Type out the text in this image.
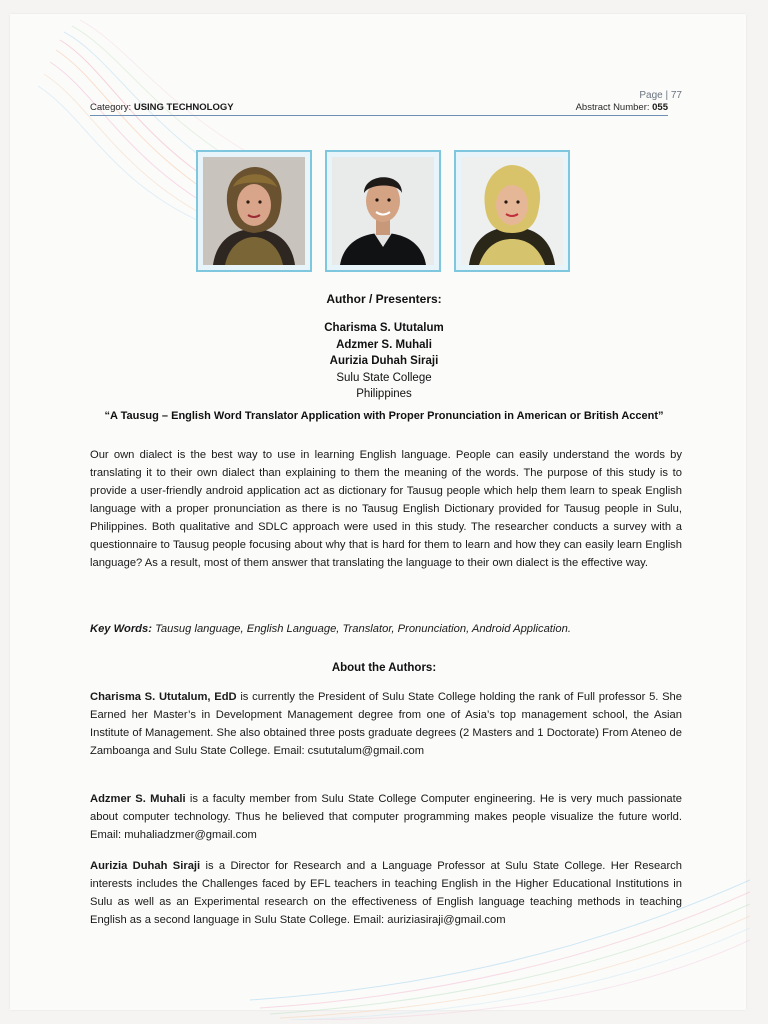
Page | 77
Category: USING TECHNOLOGY	Abstract Number: 055
Author / Presenters:
Charisma S. Ututalum
Adzmer S. Muhali
Aurizia Duhah Siraji
Sulu State College
Philippines
“A Tausug – English Word Translator Application with Proper Pronunciation in American or British Accent”
Our own dialect is the best way to use in learning English language. People can easily understand the words by translating it to their own dialect than explaining to them the meaning of the words. The purpose of this study is to provide a user-friendly android application act as dictionary for Tausug people which help them learn to speak English language with a proper pronunciation as there is no Tausug English Dictionary provided for Tausug people in Sulu, Philippines. Both qualitative and SDLC approach were used in this study. The researcher conducts a survey with a questionnaire to Tausug people focusing about why that is hard for them to learn and how they can easily learn English language? As a result, most of them answer that translating the language to their own dialect is the effective way.
Key Words: Tausug language, English Language, Translator, Pronunciation, Android Application.
About the Authors:
Charisma S. Ututalum, EdD is currently the President of Sulu State College holding the rank of Full professor 5. She Earned her Master’s in Development Management degree from one of Asia’s top management school, the Asian Institute of Management. She also obtained three posts graduate degrees (2 Masters and 1 Doctorate) From Ateneo de Zamboanga and Sulu State College. Email: csututalum@gmail.com
Adzmer S. Muhali is a faculty member from Sulu State College Computer engineering. He is very much passionate about computer technology. Thus he believed that computer programming makes people visualize the future world. Email: muhaliadzmer@gmail.com
Aurizia Duhah Siraji is a Director for Research and a Language Professor at Sulu State College. Her Research interests includes the Challenges faced by EFL teachers in teaching English in the Higher Educational Institutions in Sulu as well as an Experimental research on the effectiveness of English language teaching methods in teaching English as a second language in Sulu State College. Email: auriziasiraji@gmail.com
